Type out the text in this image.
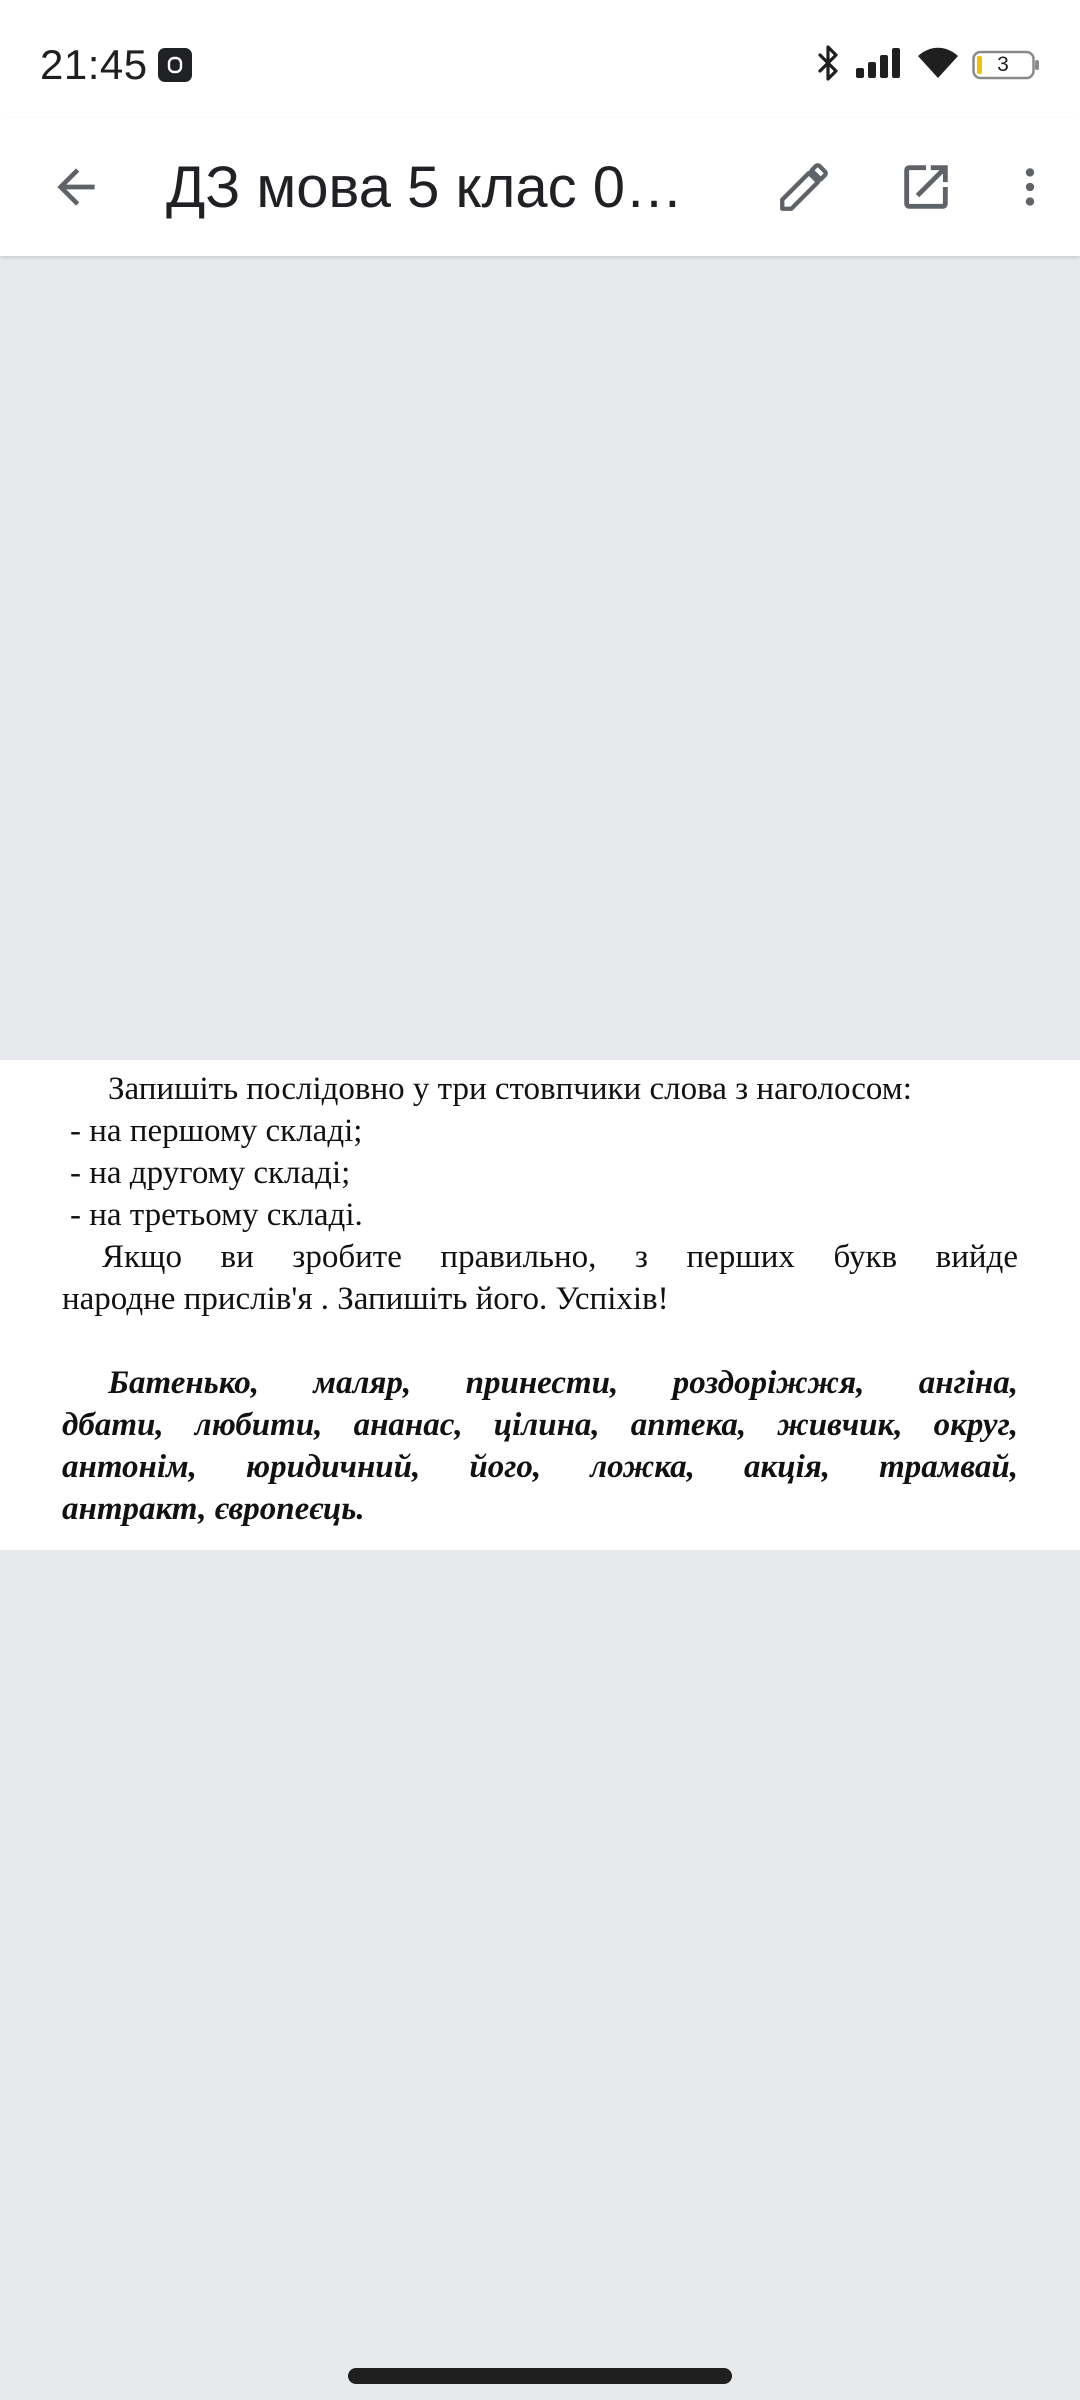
21:45	3
ДЗ мова 5 клас 0…
Запишіть послідовно у три стовпчики слова з наголосом:
- на першому складі;
- на другому складі;
- на третьому складі.
Якщо ви зробите правильно, з перших букв вийде
народне прислів'я . Запишіть його. Успіхів!
Батенько, маляр, принести, роздоріжжя, ангіна,
дбати, любити, ананас, цілина, аптека, живчик, округ,
антонім, юридичний, його, ложка, акція, трамвай,
антракт, європеєць.
